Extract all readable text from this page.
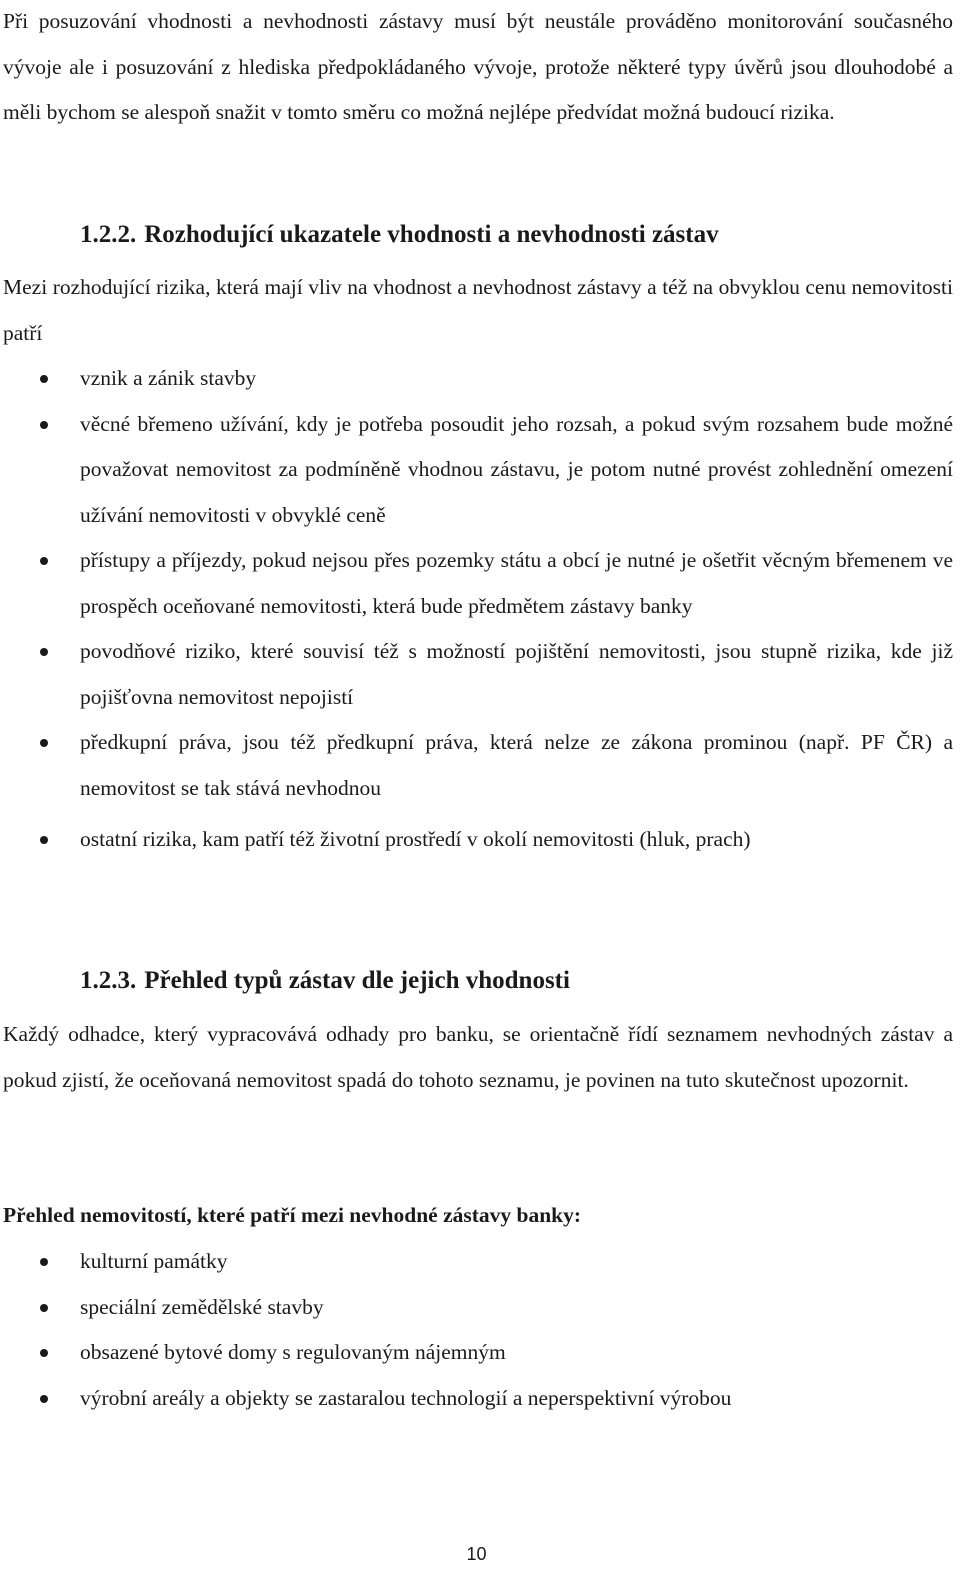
Při posuzování vhodnosti a nevhodnosti zástavy musí být neustále prováděno monitorování současného vývoje ale i posuzování z hlediska předpokládaného vývoje, protože některé typy úvěrů jsou dlouhodobé a měli bychom se alespoň snažit v tomto směru co možná nejlépe předvídat možná budoucí rizika.

1.2.2. Rozhodující ukazatele vhodnosti a nevhodnosti zástav

Mezi rozhodující rizika, která mají vliv na vhodnost a nevhodnost zástavy a též na obvyklou cenu nemovitosti patří

vznik a zánik stavby
věcné břemeno užívání, kdy je potřeba posoudit jeho rozsah, a pokud svým rozsahem bude možné považovat nemovitost za podmíněně vhodnou zástavu, je potom nutné provést zohlednění omezení užívání nemovitosti v obvyklé ceně
přístupy a příjezdy, pokud nejsou přes pozemky státu a obcí je nutné je ošetřit věcným břemenem ve prospěch oceňované nemovitosti, která bude předmětem zástavy banky
povodňové riziko, které souvisí též s možností pojištění nemovitosti, jsou stupně rizika, kde již pojišťovna nemovitost nepojistí
předkupní práva, jsou též předkupní práva, která nelze ze zákona prominou (např. PF ČR) a nemovitost se tak stává nevhodnou
ostatní rizika, kam patří též životní prostředí v okolí nemovitosti (hluk, prach)
1.2.3. Přehled typů zástav dle jejich vhodnosti

Každý odhadce, který vypracovává odhady pro banku, se orientačně řídí seznamem nevhodných zástav a pokud zjistí, že oceňovaná nemovitost spadá do tohoto seznamu, je povinen na tuto skutečnost upozornit.

Přehled nemovitostí, které patří mezi nevhodné zástavy banky:

kulturní památky
speciální zemědělské stavby
obsazené bytové domy s regulovaným nájemným
výrobní areály a objekty se zastaralou technologií a neperspektivní výrobou
10
